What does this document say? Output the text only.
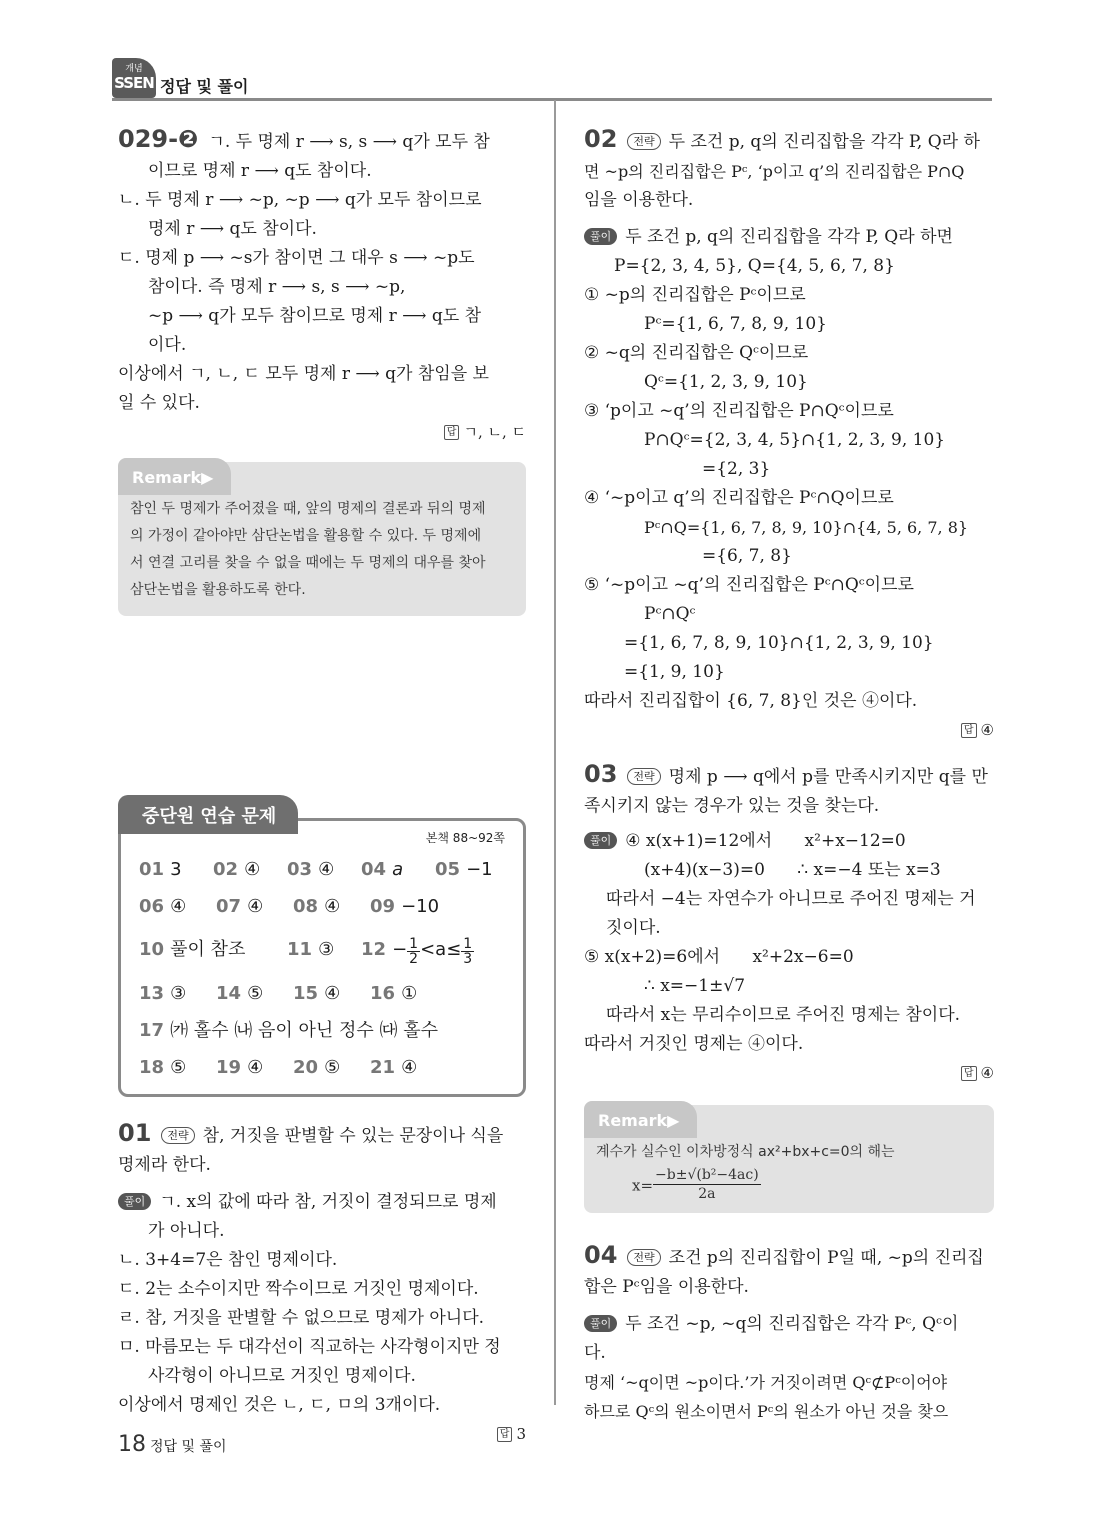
개념
SSEN 정답 및 풀이
029-❷ ㄱ. 두 명제 r ⟶ s, s ⟶ q가 모두 참
이므로 명제 r ⟶ q도 참이다.
ㄴ. 두 명제 r ⟶ ~p, ~p ⟶ q가 모두 참이므로
명제 r ⟶ q도 참이다.
ㄷ. 명제 p ⟶ ~s가 참이면 그 대우 s ⟶ ~p도
참이다. 즉 명제 r ⟶ s, s ⟶ ~p,
~p ⟶ q가 모두 참이므로 명제 r ⟶ q도 참
이다.
이상에서 ㄱ, ㄴ, ㄷ 모두 명제 r ⟶ q가 참임을 보
일 수 있다.
답 ㄱ, ㄴ, ㄷ
Remark▶
참인 두 명제가 주어졌을 때, 앞의 명제의 결론과 뒤의 명제
의 가정이 같아야만 삼단논법을 활용할 수 있다. 두 명제에
서 연결 고리를 찾을 수 없을 때에는 두 명제의 대우를 찾아
삼단논법을 활용하도록 한다.
중단원 연습 문제
본책 88~92쪽
01 3	02 ④	03 ④	04 a	05 −1
06 ④	07 ④	08 ④	09 −10
10 풀이 참조	11 ③	$12 - \frac{1}{2} <a\le \frac{1}{3}$
13 ③	14 ⑤	15 ④	16 ①
17 ㈎ 홀수 ㈏ 음이 아닌 정수 ㈐ 홀수
18 ⑤	19 ④	20 ⑤	21 ④
01 전략 참, 거짓을 판별할 수 있는 문장이나 식을
명제라 한다.
풀이 ㄱ. x의 값에 따라 참, 거짓이 결정되므로 명제
가 아니다.
ㄴ. 3+4=7은 참인 명제이다.
ㄷ. 2는 소수이지만 짝수이므로 거짓인 명제이다.
ㄹ. 참, 거짓을 판별할 수 없으므로 명제가 아니다.
ㅁ. 마름모는 두 대각선이 직교하는 사각형이지만 정
사각형이 아니므로 거짓인 명제이다.
이상에서 명제인 것은 ㄴ, ㄷ, ㅁ의 3개이다.
답 3
02 전략 두 조건 p, q의 진리집합을 각각 P, Q라 하
면 ~p의 진리집합은 Pᶜ, ‘p이고 q’의 진리집합은 P∩Q
임을 이용한다.
풀이 두 조건 p, q의 진리집합을 각각 P, Q라 하면
P={2, 3, 4, 5}, Q={4, 5, 6, 7, 8}
① ~p의 진리집합은 Pᶜ이므로
Pᶜ={1, 6, 7, 8, 9, 10}
② ~q의 진리집합은 Qᶜ이므로
Qᶜ={1, 2, 3, 9, 10}
③ ‘p이고 ~q’의 진리집합은 P∩Qᶜ이므로
P∩Qᶜ={2, 3, 4, 5}∩{1, 2, 3, 9, 10}
={2, 3}
④ ‘~p이고 q’의 진리집합은 Pᶜ∩Q이므로
Pᶜ∩Q={1, 6, 7, 8, 9, 10}∩{4, 5, 6, 7, 8}
={6, 7, 8}
⑤ ‘~p이고 ~q’의 진리집합은 Pᶜ∩Qᶜ이므로
Pᶜ∩Qᶜ
={1, 6, 7, 8, 9, 10}∩{1, 2, 3, 9, 10}
={1, 9, 10}
따라서 진리집합이 {6, 7, 8}인 것은 ④이다.
답 ④
03 전략 명제 p ⟶ q에서 p를 만족시키지만 q를 만
족시키지 않는 경우가 있는 것을 찾는다.
풀이 ④ x(x+1)=12에서      x²+x−12=0
(x+4)(x−3)=0      ∴ x=−4 또는 x=3
따라서 −4는 자연수가 아니므로 주어진 명제는 거
짓이다.
⑤ x(x+2)=6에서      x²+2x−6=0
∴ x=−1±√7
따라서 x는 무리수이므로 주어진 명제는 참이다.
따라서 거짓인 명제는 ④이다.
답 ④
Remark▶
계수가 실수인 이차방정식 ax²+bx+c=0의 해는
$x= \frac{\text{−b±√(b²−4ac)}}{2a}$
04 전략 조건 p의 진리집합이 P일 때, ~p의 진리집
합은 Pᶜ임을 이용한다.
풀이 두 조건 ~p, ~q의 진리집합은 각각 Pᶜ, Qᶜ이
다.
명제 ‘~q이면 ~p이다.’가 거짓이려면 Qᶜ⊄Pᶜ이어야
하므로 Qᶜ의 원소이면서 Pᶜ의 원소가 아닌 것을 찾으
18 정답 및 풀이
